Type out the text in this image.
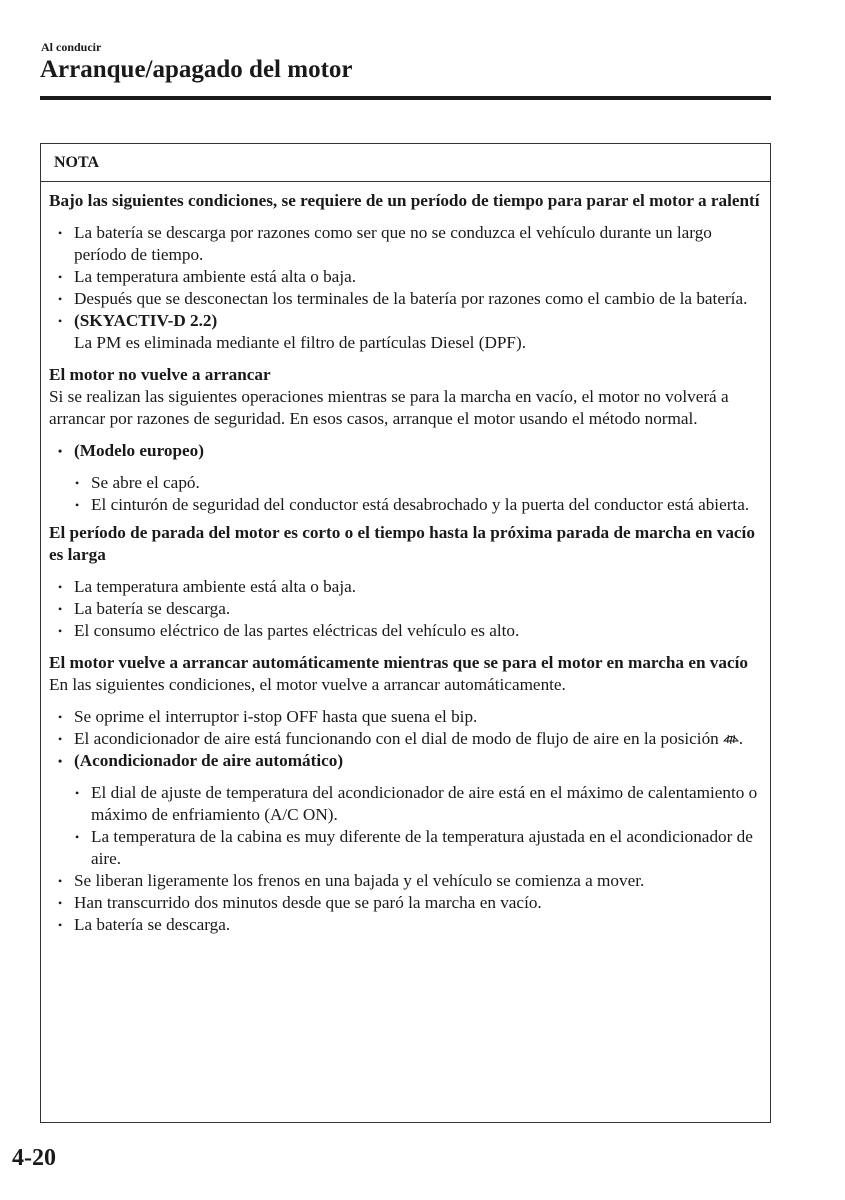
Al conducir
Arranque/apagado del motor
NOTA
Bajo las siguientes condiciones, se requiere de un período de tiempo para parar el motor a ralentí
• La batería se descarga por razones como ser que no se conduzca el vehículo durante un largo período de tiempo.
• La temperatura ambiente está alta o baja.
• Después que se desconectan los terminales de la batería por razones como el cambio de la batería.
• (SKYACTIV-D 2.2)
La PM es eliminada mediante el filtro de partículas Diesel (DPF).
El motor no vuelve a arrancar
Si se realizan las siguientes operaciones mientras se para la marcha en vacío, el motor no volverá a arrancar por razones de seguridad. En esos casos, arranque el motor usando el método normal.
• (Modelo europeo)
• Se abre el capó.
• El cinturón de seguridad del conductor está desabrochado y la puerta del conductor está abierta.
El período de parada del motor es corto o el tiempo hasta la próxima parada de marcha en vacío es larga
• La temperatura ambiente está alta o baja.
• La batería se descarga.
• El consumo eléctrico de las partes eléctricas del vehículo es alto.
El motor vuelve a arrancar automáticamente mientras que se para el motor en marcha en vacío
En las siguientes condiciones, el motor vuelve a arrancar automáticamente.
• Se oprime el interruptor i-stop OFF hasta que suena el bip.
• El acondicionador de aire está funcionando con el dial de modo de flujo de aire en la posición .
• (Acondicionador de aire automático)
• El dial de ajuste de temperatura del acondicionador de aire está en el máximo de calentamiento o máximo de enfriamiento (A/C ON).
• La temperatura de la cabina es muy diferente de la temperatura ajustada en el acondicionador de aire.
• Se liberan ligeramente los frenos en una bajada y el vehículo se comienza a mover.
• Han transcurrido dos minutos desde que se paró la marcha en vacío.
• La batería se descarga.
4-20
